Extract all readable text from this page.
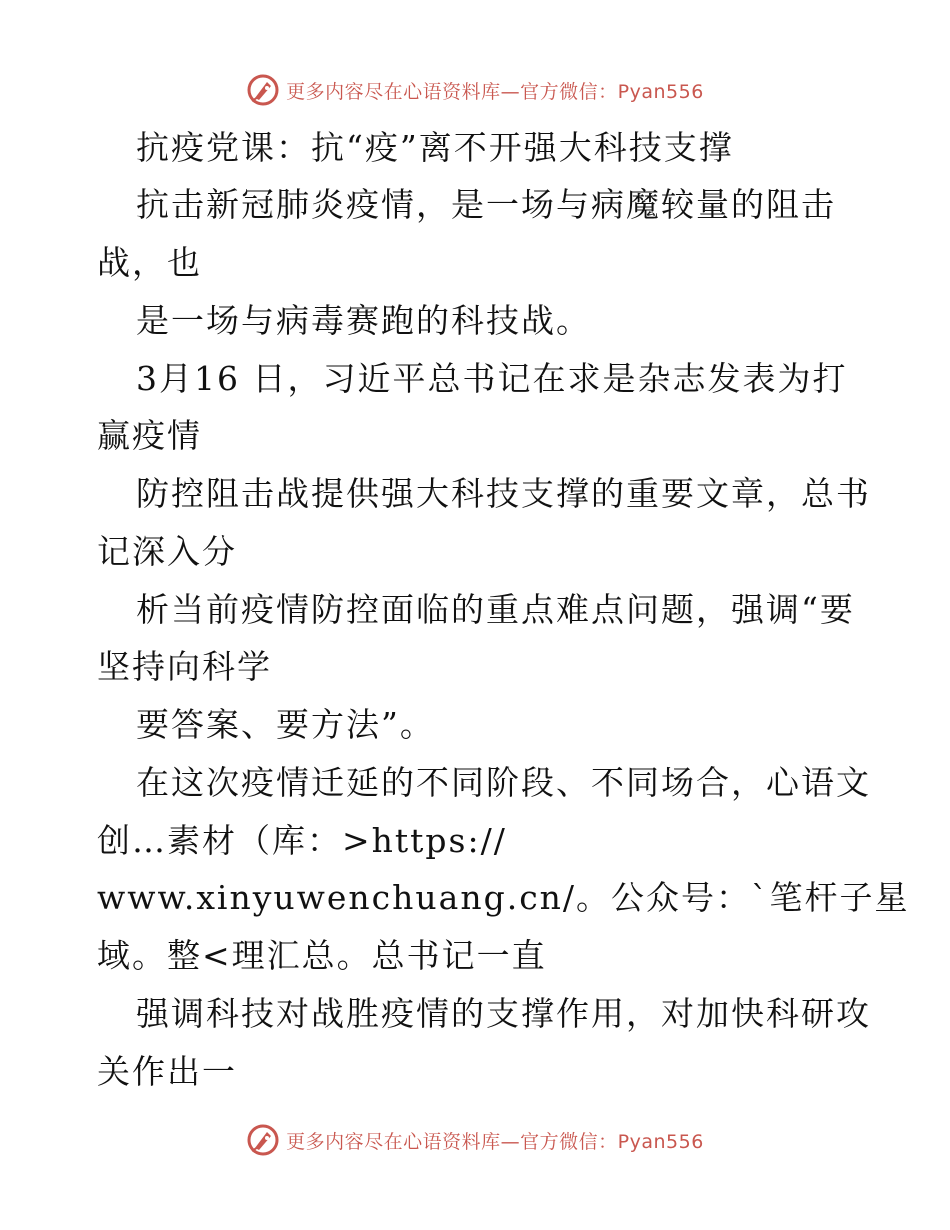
更多内容尽在心语资料库—官方微信：Pyan556
抗疫党课：抗“疫”离不开强大科技支撑
抗击新冠肺炎疫情，是一场与病魔较量的阻击
战，也
是一场与病毒赛跑的科技战。
3月16 日，习近平总书记在求是杂志发表为打
赢疫情
防控阻击战提供强大科技支撑的重要文章，总书
记深入分
析当前疫情防控面临的重点难点问题，强调“要
坚持向科学
要答案、要方法”。
在这次疫情迁延的不同阶段、不同场合，心语文
创…素材（库：>https://
www.xinyuwenchuang.cn/。公众号：`笔杆子星
域。整<理汇总。总书记一直
强调科技对战胜疫情的支撑作用，对加快科研攻
关作出一
更多内容尽在心语资料库—官方微信：Pyan556
